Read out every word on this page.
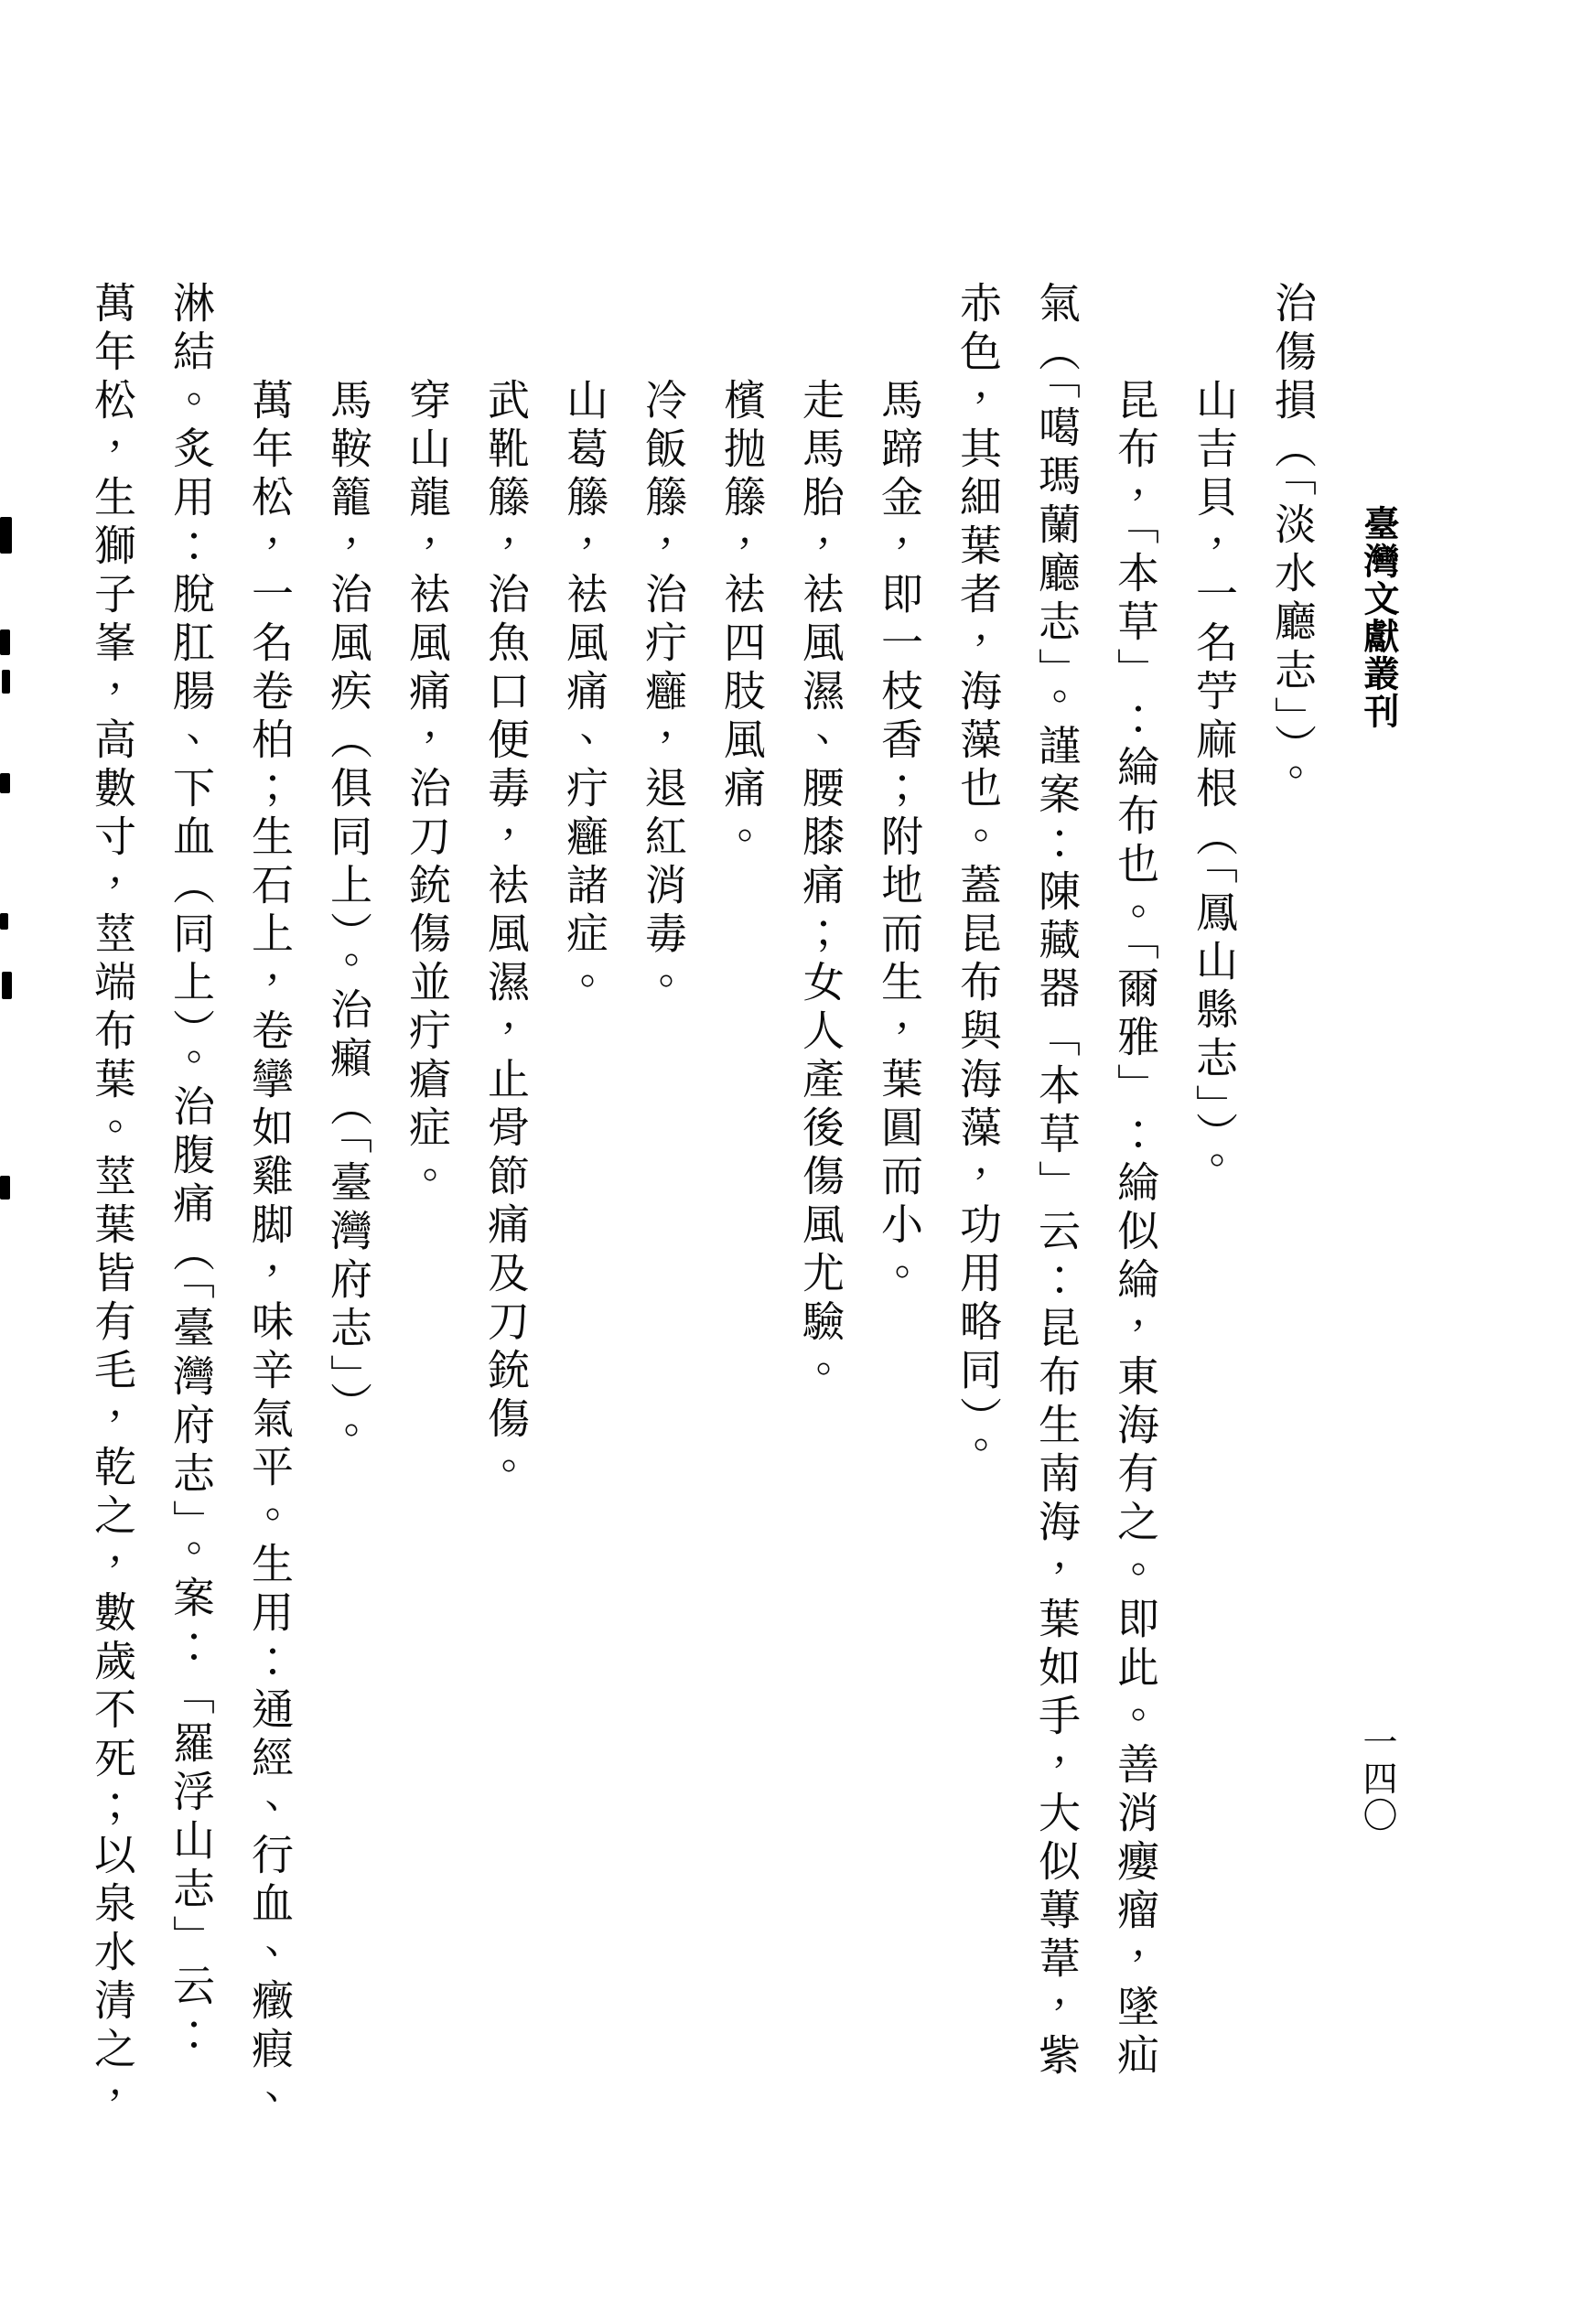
臺灣文獻叢刊
一四〇
治傷損（「淡水廳志」）。
山吉貝，一名苧麻根（「鳳山縣志」）。
昆布，「本草」：綸布也。「爾雅」：綸似綸，東海有之。即此。善消癭瘤，墜疝
氣（「噶瑪蘭廳志」。謹案：陳藏器「本草」云：昆布生南海，葉如手，大似蓴葦，紫
赤色，其細葉者，海藻也。蓋昆布與海藻，功用略同）。
馬蹄金，即一枝香；附地而生，葉圓而小。
走馬胎，袪風濕、腰膝痛；女人產後傷風尤驗。
檳抛籐，袪四肢風痛。
冷飯籐，治疔癰，退紅消毒。
山葛籐，袪風痛、疔癰諸症。
武靴籐，治魚口便毒，袪風濕，止骨節痛及刀銃傷。
穿山龍，袪風痛，治刀銃傷並疔瘡症。
馬鞍籠，治風疾（俱同上）。治癩（「臺灣府志」）。
萬年松，一名卷柏；生石上，卷攣如雞脚，味辛氣平。生用：通經、行血、癥瘕、
淋結。炙用：脫肛腸、下血（同上）。治腹痛（「臺灣府志」。案：「羅浮山志」云：
萬年松，生獅子峯，高數寸，莖端布葉。莖葉皆有毛，乾之，數歲不死；以泉水清之，
